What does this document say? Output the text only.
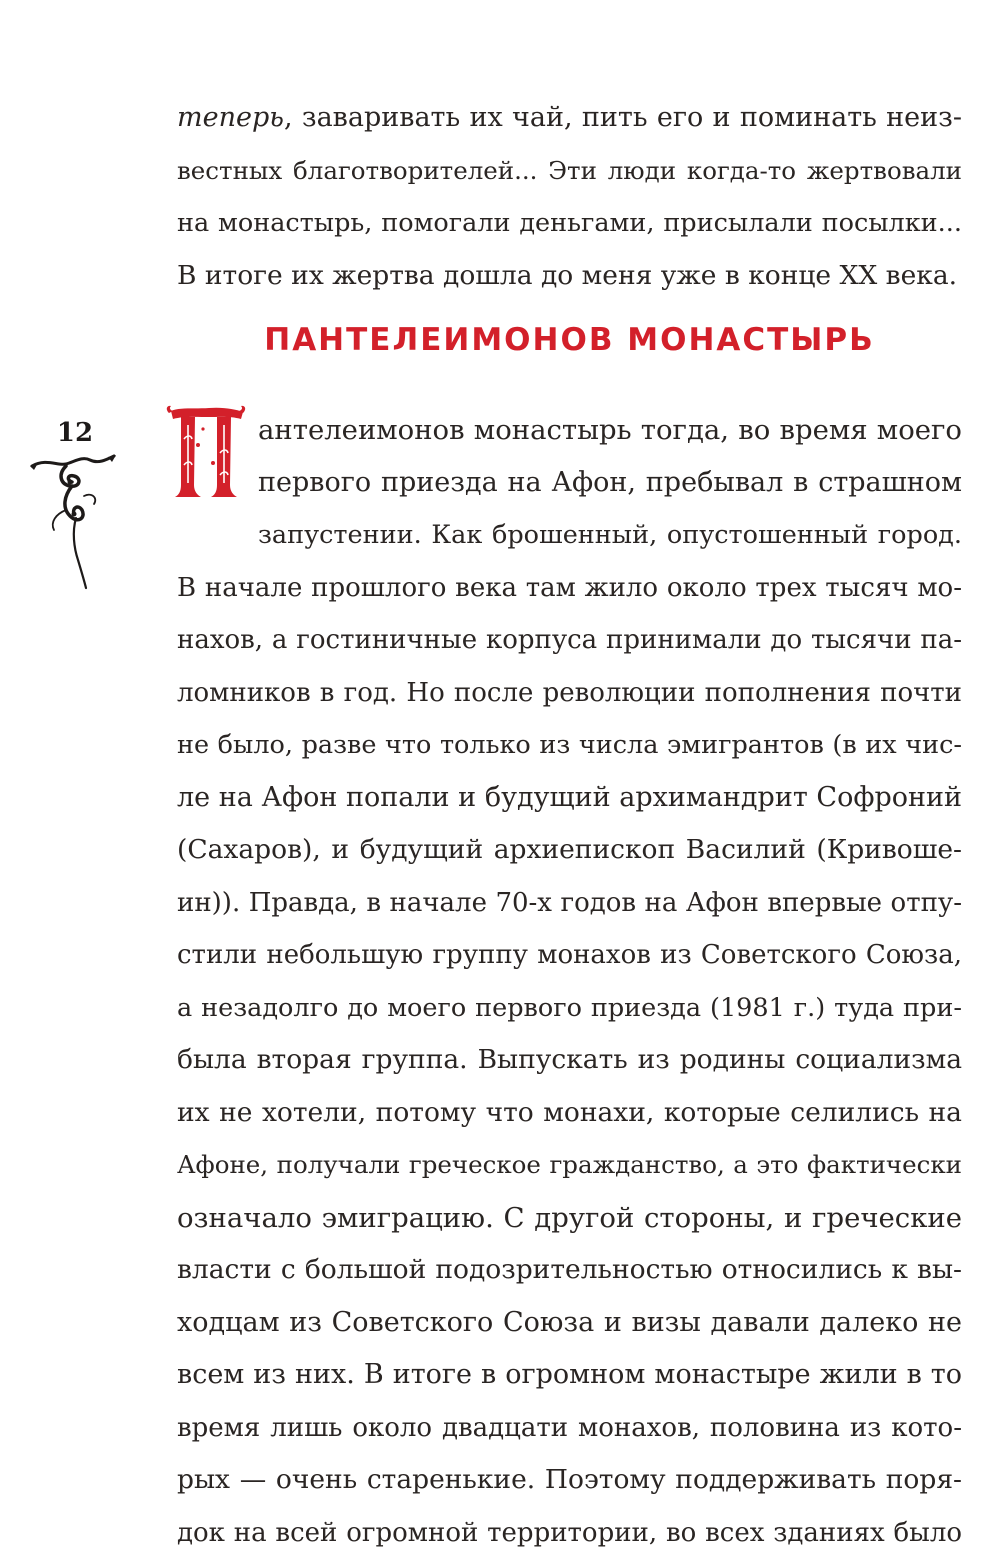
теперь, заваривать их чай, пить его и поминать неиз-
вестных благотворителей... Эти люди когда-то жертвовали
на монастырь, помогали деньгами, присылали посылки...
В итоге их жертва дошла до меня уже в конце XX века.
ПАНТЕЛЕИМОНОВ МОНАСТЫРЬ
12	антелеимонов монастырь тогда, во время моего
первого приезда на Афон, пребывал в страшном
запустении. Как брошенный, опустошенный город.
В начале прошлого века там жило около трех тысяч мо-
нахов, а гостиничные корпуса принимали до тысячи па-
ломников в год. Но после революции пополнения почти
не было, разве что только из числа эмигрантов (в их чис-
ле на Афон попали и будущий архимандрит Софроний
(Сахаров), и будущий архиепископ Василий (Кривоше-
ин)). Правда, в начале 70-х годов на Афон впервые отпу-
стили небольшую группу монахов из Советского Союза,
а незадолго до моего первого приезда (1981 г.) туда при-
была вторая группа. Выпускать из родины социализма
их не хотели, потому что монахи, которые селились на
Афоне, получали греческое гражданство, а это фактически
означало эмиграцию. С другой стороны, и греческие
власти с большой подозрительностью относились к вы-
ходцам из Советского Союза и визы давали далеко не
всем из них. В итоге в огромном монастыре жили в то
время лишь около двадцати монахов, половина из кото-
рых — очень старенькие. Поэтому поддерживать поря-
док на всей огромной территории, во всех зданиях было
